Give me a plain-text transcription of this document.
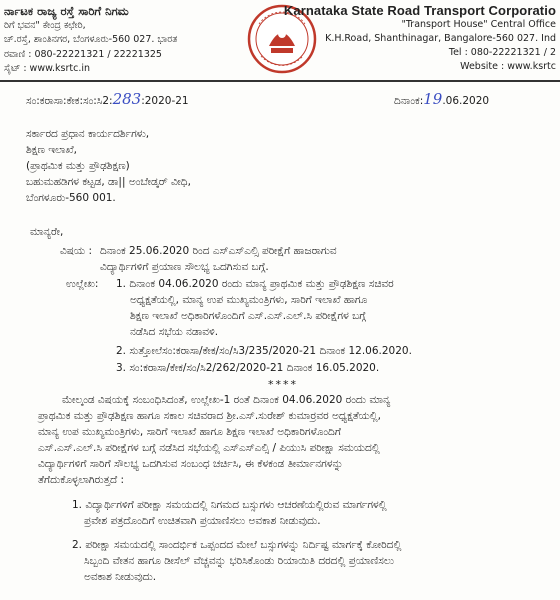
ರ್ನಾಟಕ ರಾಜ್ಯ ರಸ್ತೆ ಸಾರಿಗೆ ನಿಗಮ
ರಿಗೆ ಭವನ" ಕೇಂದ್ರ ಕಛೇರಿ,
ಚ್.ರಸ್ತೆ, ಶಾಂತಿನಗರ, ಬೆಂಗಳೂರು-560 027. ಭಾರತ
ರವಾಣಿ : 080-22221321 / 22221325
ಸೈಟ್ : www.ksrtc.in
Karnataka State Road Transport Corporatio
"Transport House" Central Office
K.H.Road, Shanthinagar, Bangalore-560 027. Ind
Tel : 080-22221321 / 2
Website : www.ksrtc
ಸಂ:ಕರಾಸಾ:ಕೇಕ:ಸಂ:ಸಿ2:283:2020-21	ದಿನಾಂಕ:19.06.2020
ಸರ್ಕಾರದ ಪ್ರಧಾನ ಕಾರ್ಯದರ್ಶಿಗಳು,
ಶಿಕ್ಷಣ ಇಲಾಖೆ,
(ಪ್ರಾಥಮಿಕ ಮತ್ತು ಪ್ರೌಢಶಿಕ್ಷಣ)
ಬಹುಮಹಡಿಗಳ ಕಟ್ಟಡ, ಡಾ|| ಅಂಬೇಡ್ಕರ್ ವೀಧಿ,
ಬೆಂಗಳೂರು-560 001.
ಮಾನ್ಯರೇ,
ವಿಷಯ : ದಿನಾಂಕ 25.06.2020 ರಿಂದ ಎಸ್ಎಸ್ಎಲ್ಸಿ ಪರೀಕ್ಷೆಗೆ ಹಾಜರಾಗುವ
ವಿದ್ಯಾರ್ಥಿಗಳಿಗೆ ಪ್ರಯಾಣ ಸೌಲಭ್ಯ ಒದಗಿಸುವ ಬಗ್ಗೆ.
ಉಲ್ಲೇಖ: 1. ದಿನಾಂಕ 04.06.2020 ರಂದು ಮಾನ್ಯ ಪ್ರಾಥಮಿಕ ಮತ್ತು ಪ್ರೌಢಶಿಕ್ಷಣ ಸಚಿವರ
ಅಧ್ಯಕ್ಷತೆಯಲ್ಲಿ, ಮಾನ್ಯ ಉಪ ಮುಖ್ಯಮಂತ್ರಿಗಳು, ಸಾರಿಗೆ ಇಲಾಖೆ ಹಾಗೂ
ಶಿಕ್ಷಣ ಇಲಾಖೆ ಅಧಿಕಾರಿಗಳೊಂದಿಗೆ ಎಸ್.ಎಸ್.ಎಲ್.ಸಿ ಪರೀಕ್ಷೆಗಳ ಬಗ್ಗೆ
ನಡೆಸಿದ ಸಭೆಯ ನಡಾವಳಿ.
2. ಸುತ್ತೋಲೆಸಂ:ಕರಾಸಾ/ಕೇಕ/ಸಂ/ಸಿ3/235/2020-21 ದಿನಾಂಕ 12.06.2020.
3. ಸಂ:ಕರಾಸಾ/ಕೇಕ/ಸಂ/ಸಿ2/262/2020-21 ದಿನಾಂಕ 16.05.2020.
****
ಮೇಲ್ಕಂಡ ವಿಷಯಕ್ಕೆ ಸಂಬಂಧಿಸಿದಂತೆ, ಉಲ್ಲೇಖ-1 ರಂತೆ ದಿನಾಂಕ 04.06.2020 ರಂದು ಮಾನ್ಯ
ಪ್ರಾಥಮಿಕ ಮತ್ತು ಪ್ರೌಢಶಿಕ್ಷಣ ಹಾಗೂ ಸಕಾಲ ಸಚಿವರಾದ ಶ್ರೀ.ಎಸ್.ಸುರೇಶ್ ಕುಮಾರ್ರವರ ಅಧ್ಯಕ್ಷತೆಯಲ್ಲಿ,
ಮಾನ್ಯ ಉಪ ಮುಖ್ಯಮಂತ್ರಿಗಳು, ಸಾರಿಗೆ ಇಲಾಖೆ ಹಾಗೂ ಶಿಕ್ಷಣ ಇಲಾಖೆ ಅಧಿಕಾರಿಗಳೊಂದಿಗೆ
ಎಸ್.ಎಸ್.ಎಲ್.ಸಿ ಪರೀಕ್ಷೆಗಳ ಬಗ್ಗೆ ನಡೆಸಿದ ಸಭೆಯಲ್ಲಿ ಎಸ್ಎಸ್ಎಲ್ಸಿ / ಪಿಯುಸಿ ಪರೀಕ್ಷಾ ಸಮಯದಲ್ಲಿ
ವಿದ್ಯಾರ್ಥಿಗಳಿಗೆ ಸಾರಿಗೆ ಸೌಲಭ್ಯ ಒದಗಿಸುವ ಸಂಬಂಧ ಚರ್ಚಿಸಿ, ಈ ಕೆಳಕಂಡ ತೀರ್ಮಾನಗಳನ್ನು
ತೆಗೆದುಕೊಳ್ಳಲಾಗಿರುತ್ತದೆ :
1. ವಿದ್ಯಾರ್ಥಿಗಳಿಗೆ ಪರೀಕ್ಷಾ ಸಮಯದಲ್ಲಿ ನಿಗಮದ ಬಸ್ಸುಗಳು ಆಚರಣೆಯಲ್ಲಿರುವ ಮಾರ್ಗಗಳಲ್ಲಿ
ಪ್ರವೇಶ ಪತ್ರದೊಂದಿಗೆ ಉಚಿತವಾಗಿ ಪ್ರಯಾಣಿಸಲು ಅವಕಾಶ ನೀಡುವುದು.
2. ಪರೀಕ್ಷಾ ಸಮಯದಲ್ಲಿ ಸಾಂದರ್ಭಿಕ ಒಪ್ಪಂದದ ಮೇಲೆ ಬಸ್ಸುಗಳನ್ನು ನಿರ್ದಿಷ್ಟ ಮಾರ್ಗಕ್ಕೆ ಕೋರಿದಲ್ಲಿ
ಸಿಬ್ಬಂದಿ ವೇತನ ಹಾಗೂ ಡೀಸೆಲ್ ವೆಚ್ಚವನ್ನು ಭರಿಸಿಕೊಂಡು ರಿಯಾಯಿತಿ ದರದಲ್ಲಿ ಪ್ರಯಾಣಿಸಲು
ಅವಕಾಶ ನೀಡುವುದು.
